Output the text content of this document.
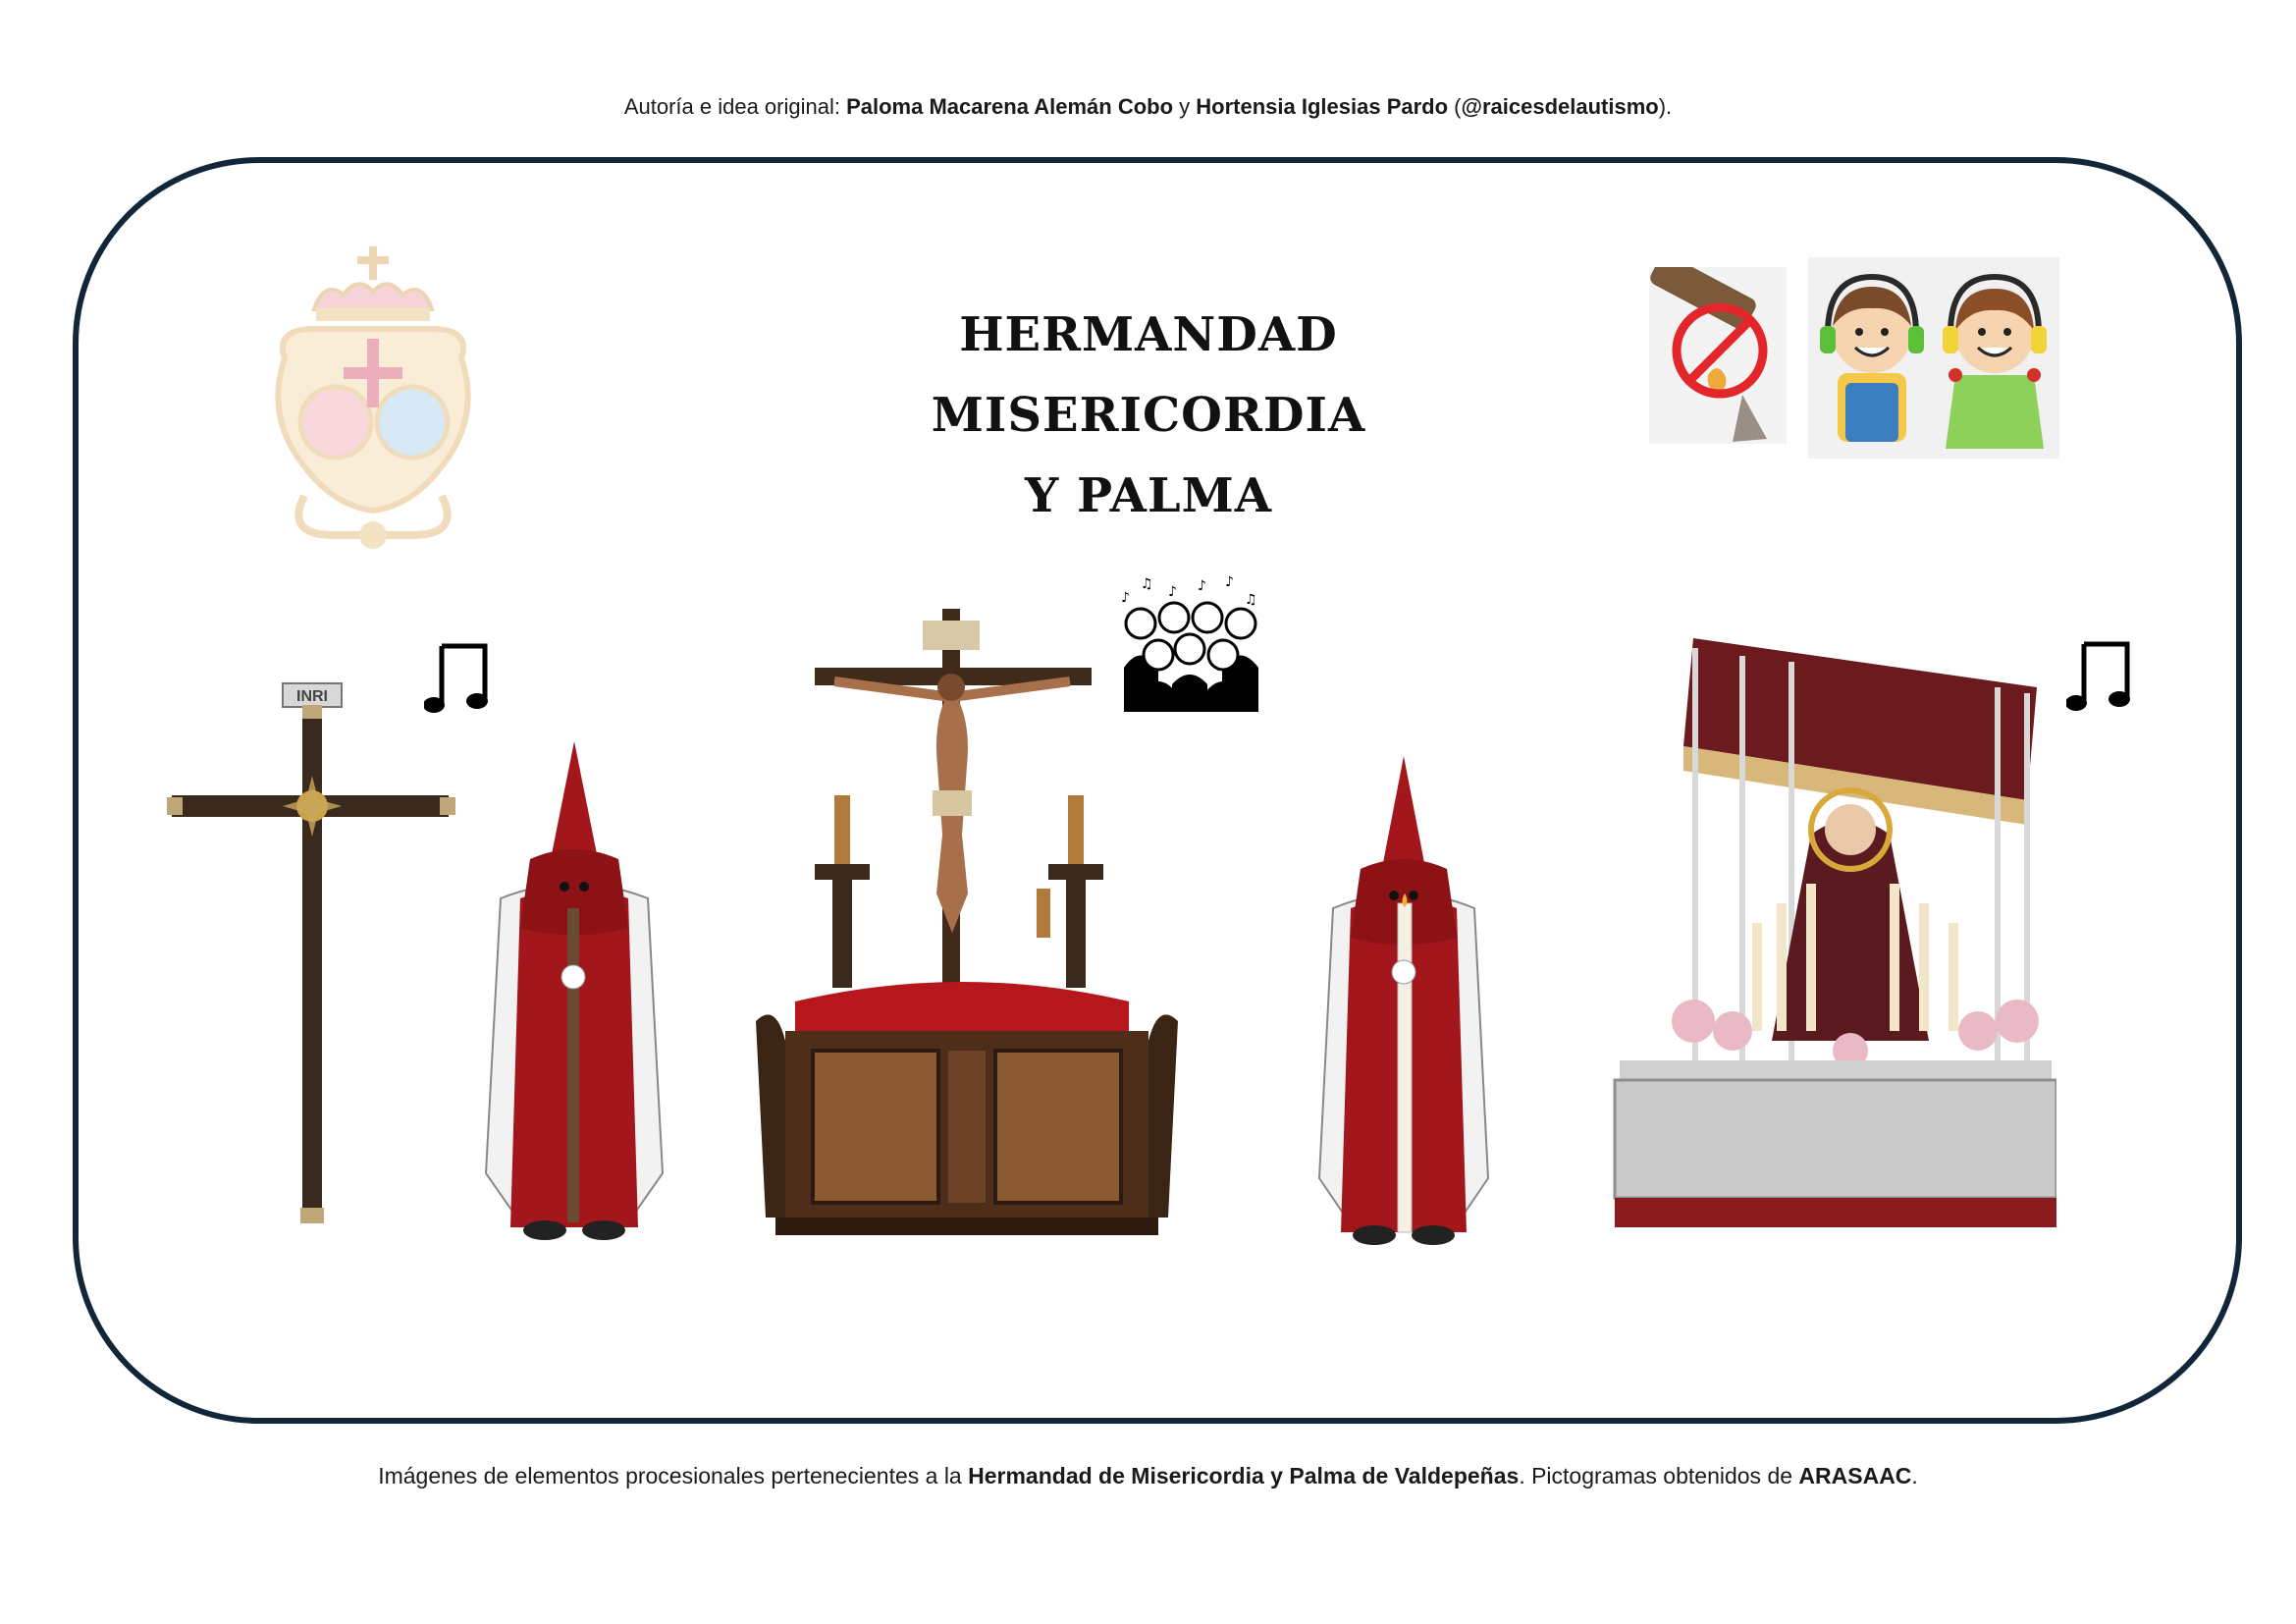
Autoría e idea original: Paloma Macarena Alemán Cobo y Hortensia Iglesias Pardo (@raicesdelautismo).
HERMANDAD MISERICORDIA
Y PALMA
♪
♫ ♪ ♪ ♪
♫
INRI
Imágenes de elementos procesionales pertenecientes a la Hermandad de Misericordia y Palma de Valdepeñas. Pictogramas obtenidos de ARASAAC.
